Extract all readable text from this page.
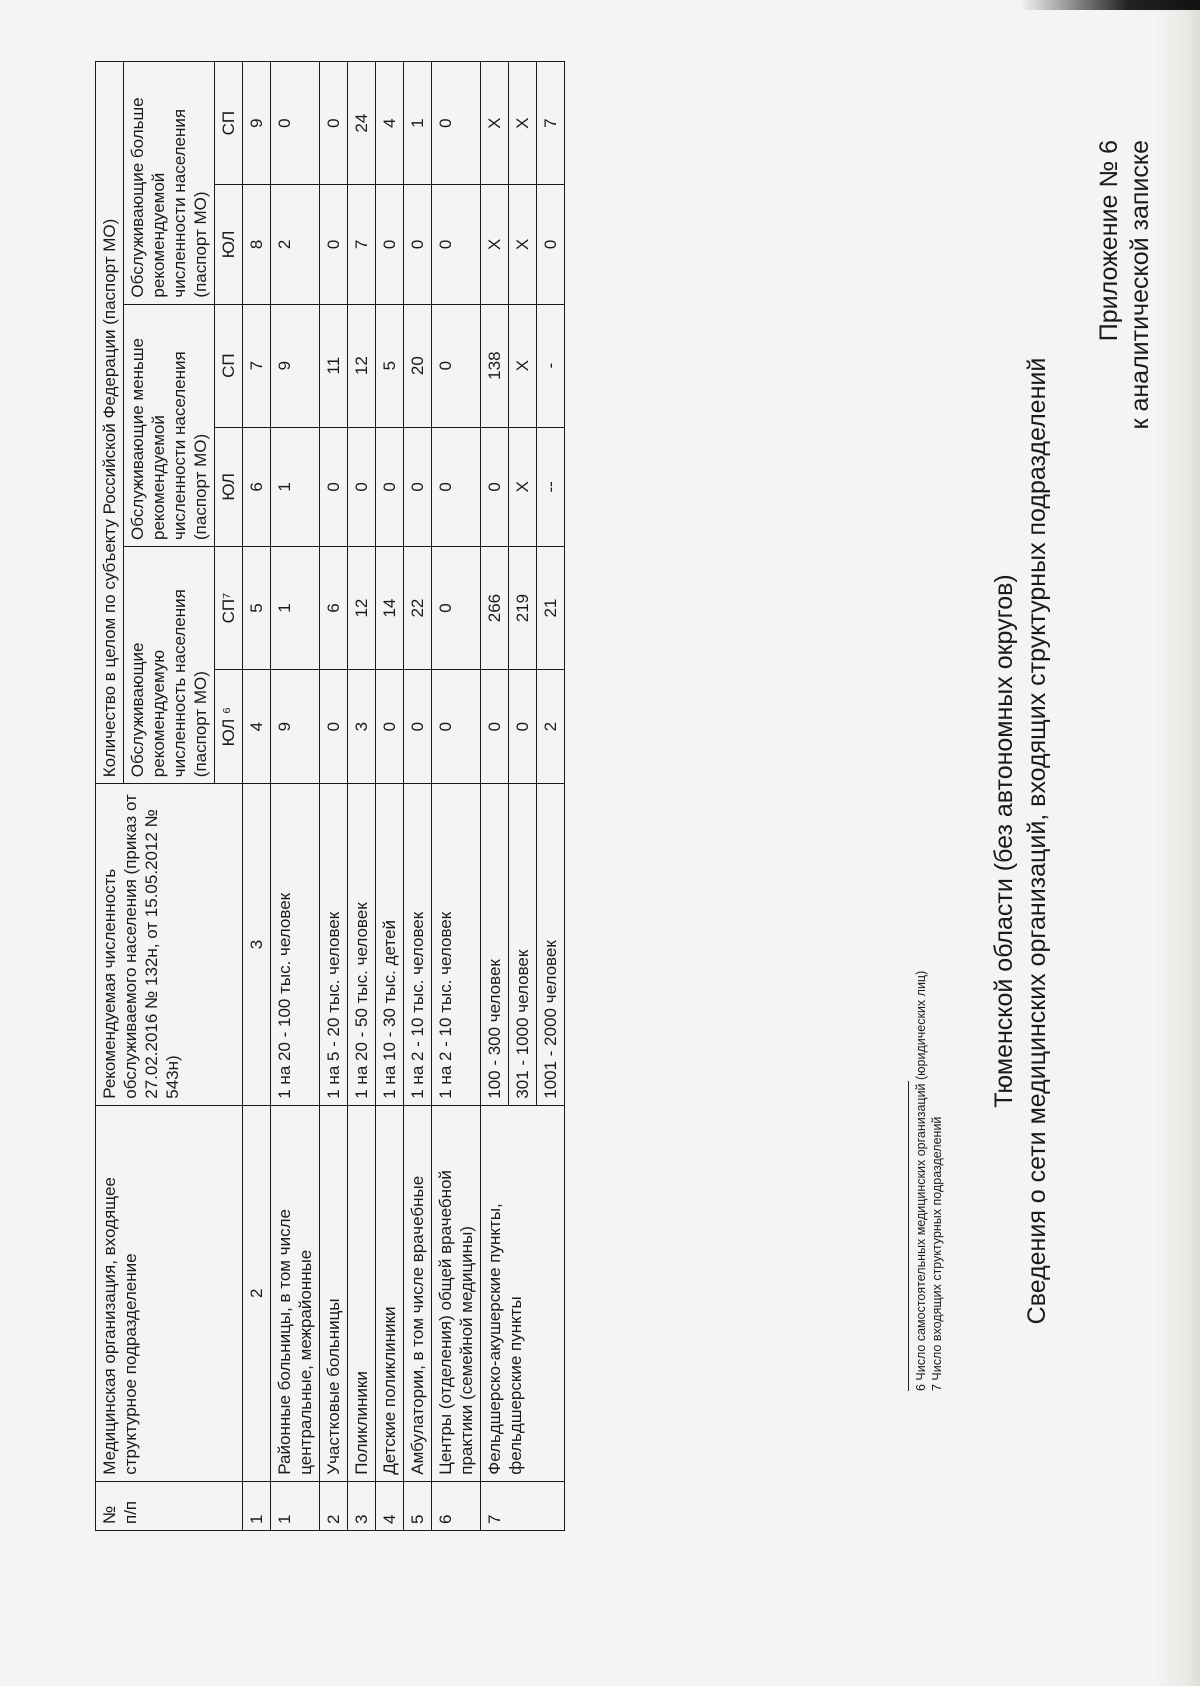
Приложение № 6 к аналитической записке
Сведения о сети медицинских организаций, входящих структурных подразделений
Тюменской области (без автономных округов)
№ п/п	Медицинская организация, входящее структурное подразделение	Рекомендуемая численность обслуживаемого населения (приказ от 27.02.2016 № 132н, от 15.05.2012 № 543н)	Количество в целом по субъекту Российской Федерации (паспорт МО)					
			Обслуживающие рекомендуемую численность населения (паспорт МО)		Обслуживающие меньше рекомендуемой численности населения (паспорт МО)		Обслуживающие больше рекомендуемой численности населения (паспорт МО)	
			ЮЛ ⁶	СП⁷	ЮЛ	СП	ЮЛ	СП
1	2	3	4	5	6	7	8	9
1	Районные больницы, в том числе центральные, межрайонные	1 на 20 - 100 тыс. человек	9	1	1	9	2	0
2	Участковые больницы	1 на 5 - 20 тыс. человек	0	6	0	11	0	0
3	Поликлиники	1 на 20 - 50 тыс. человек	3	12	0	12	7	24
4	Детские поликлиники	1 на 10 - 30 тыс. детей	0	14	0	5	0	4
5	Амбулатории, в том числе врачебные	1 на 2 - 10 тыс. человек	0	22	0	20	0	1
6	Центры (отделения) общей врачебной практики (семейной медицины)	1 на 2 - 10 тыс. человек	0	0	0	0	0	0
7	Фельдшерско-акушерские пункты, фельдшерские пункты	100 - 300 человек	0	266	0	138	X	X
		301 - 1000 человек	0	219	X	X	X	X
		1001 - 2000 человек	2	21	--	-	0	7
6 Число самостоятельных медицинских организаций (юридических лиц) 7 Число входящих структурных подразделений
